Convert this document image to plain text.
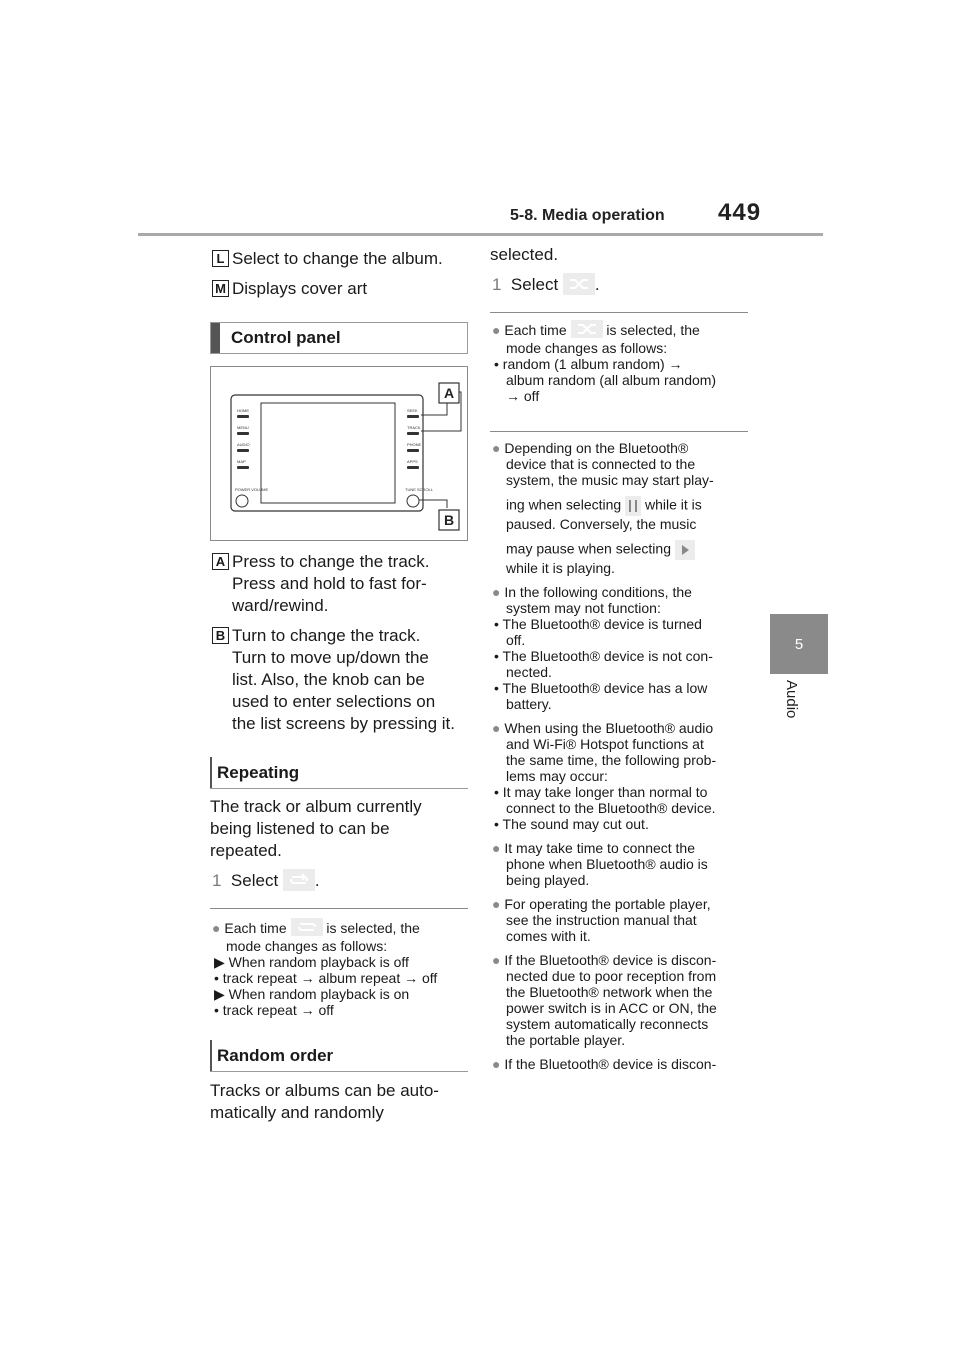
5-8. Media operation 449
5
Audio
L Select to change the album.
M Displays cover art
Control panel
HOME
MENU
AUDIO
MAP
POWER VOLUME
SEEK
TRACK
PHONE
APPS
TUNE SCROLL
A
B
A Press to change the track.
Press and hold to fast for-
ward/rewind.
B Turn to change the track.
Turn to move up/down the
list. Also, the knob can be
used to enter selections on
the list screens by pressing it.
Repeating
The track or album currently
being listened to can be
repeated.
1 Select .
● Each time	is selected, the
mode changes as follows:
▶ When random playback is off
• track repeat → album repeat → off
▶ When random playback is on
• track repeat → off
Random order
Tracks or albums can be auto-
matically and randomly
selected.
1 Select .
● Each time	is selected, the
mode changes as follows:
• random (1 album random) →
album random (all album random)
→ off
● Depending on the Bluetooth®
device that is connected to the
system, the music may start play-
ing when selecting while it is
paused. Conversely, the music
may pause when selecting
while it is playing.
● In the following conditions, the
system may not function:
• The Bluetooth® device is turned
off.
• The Bluetooth® device is not con-
nected.
• The Bluetooth® device has a low
battery.
● When using the Bluetooth® audio
and Wi-Fi® Hotspot functions at
the same time, the following prob-
lems may occur:
• It may take longer than normal to
connect to the Bluetooth® device.
• The sound may cut out.
● It may take time to connect the
phone when Bluetooth® audio is
being played.
● For operating the portable player,
see the instruction manual that
comes with it.
● If the Bluetooth® device is discon-
nected due to poor reception from
the Bluetooth® network when the
power switch is in ACC or ON, the
system automatically reconnects
the portable player.
● If the Bluetooth® device is discon-
